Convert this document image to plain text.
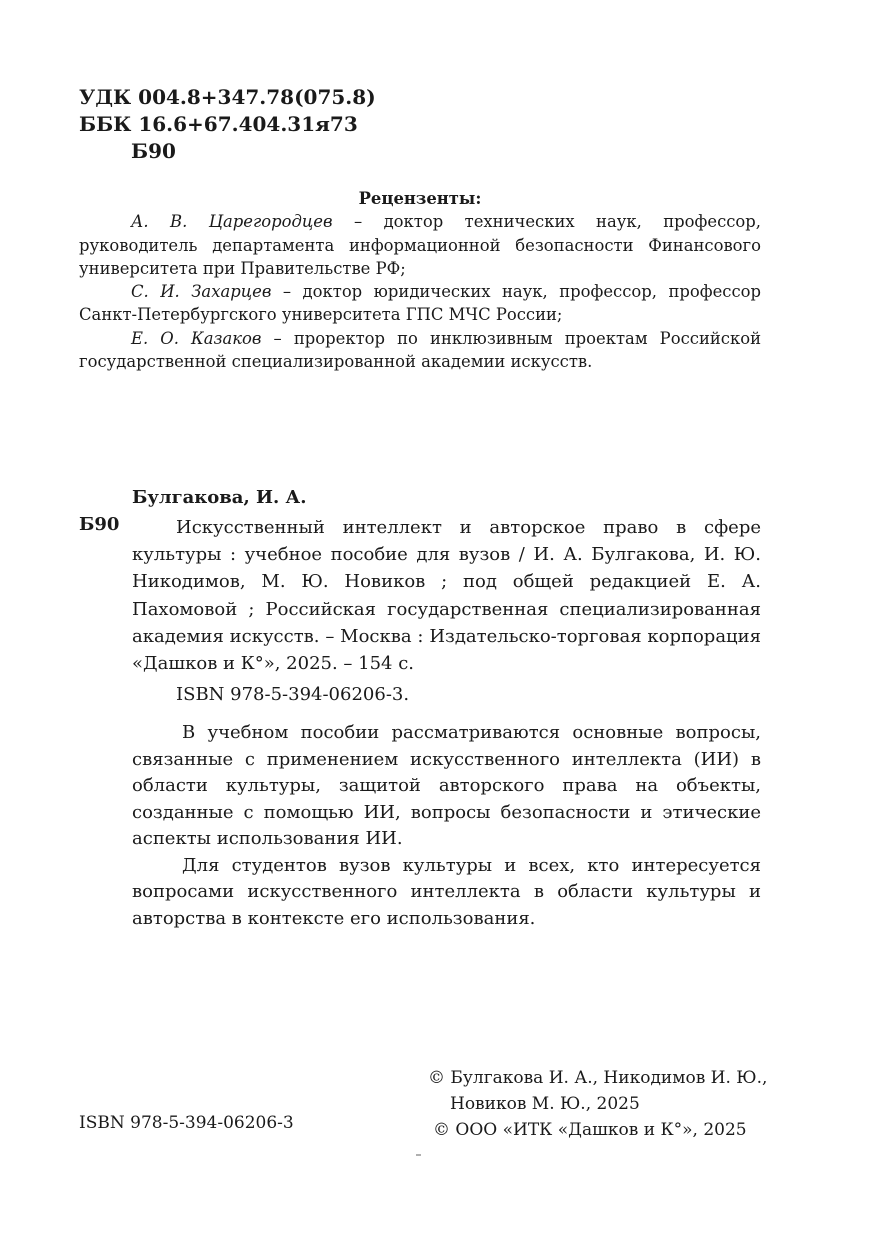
УДК 004.8+347.78(075.8)
ББК 16.6+67.404.31я73
Б90
Рецензенты:

А. В. Царегородцев – доктор технических наук, профессор, руководитель департамента информационной безопасности Финансового университета при Правительстве РФ;

С. И. Захарцев – доктор юридических наук, профессор, профессор Санкт-Петербургского университета ГПС МЧС России;

Е. О. Казаков – проректор по инклюзивным проектам Российской государственной специализированной академии искусств.

Булгакова, И. А.
Б90	Искусственный интеллект и авторское право в сфере культуры : учебное пособие для вузов / И. А. Булгакова, И. Ю. Никодимов, М. Ю. Новиков ; под общей редакцией Е. А. Пахомовой ; Российская государственная специализированная академия искусств. – Москва : Издательско-торговая корпорация «Дашков и К°», 2025. – 154 с.
ISBN 978-5-394-06206-3.

В учебном пособии рассматриваются основные вопросы, связанные с применением искусственного интеллекта (ИИ) в области культуры, защитой авторского права на объекты, созданные с помощью ИИ, вопросы безопасности и этические аспекты использования ИИ.

Для студентов вузов культуры и всех, кто интересуется вопросами искусственного интеллекта в области культуры и авторства в контексте его использования.

© Булгакова И. А., Никодимов И. Ю.,
Новиков М. Ю., 2025
© ООО «ИТК «Дашков и К°», 2025
ISBN 978-5-394-06206-3
